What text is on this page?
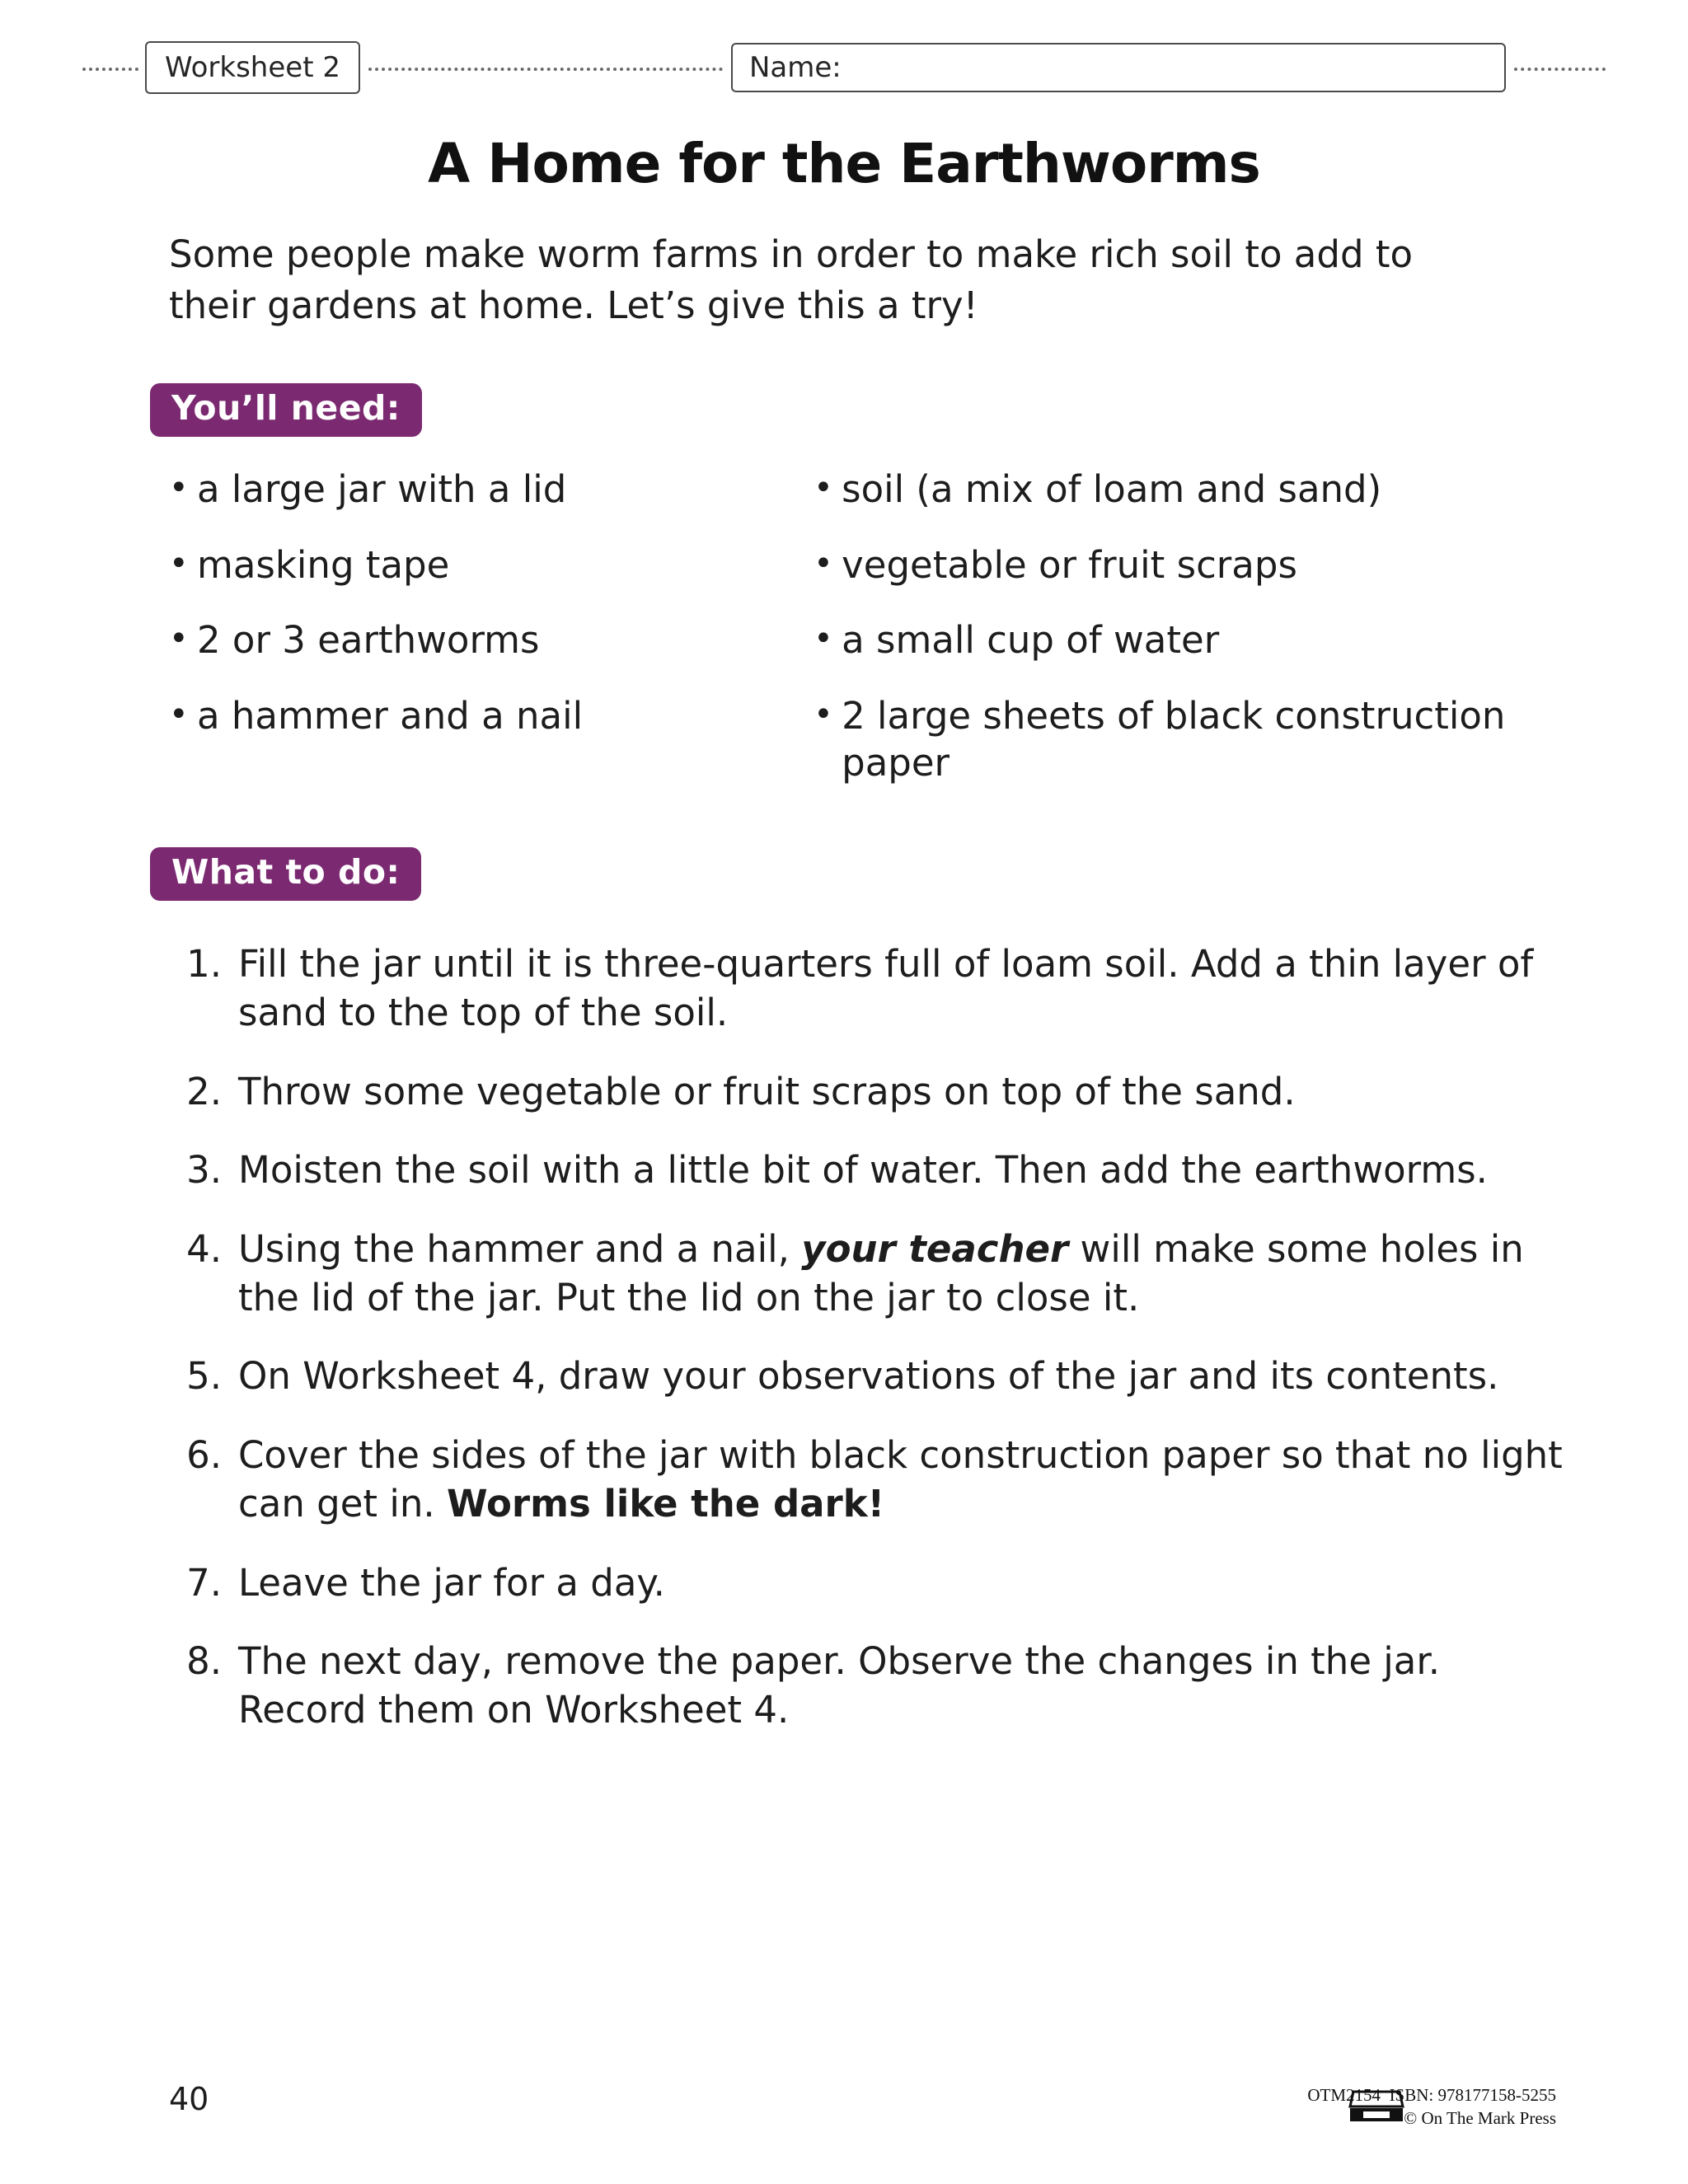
Worksheet 2	Name:
A Home for the Earthworms
Some people make worm farms in order to make rich soil to add to their gardens at home. Let’s give this a try!
You’ll need:
• a large jar with a lid
• masking tape
• 2 or 3 earthworms
• a hammer and a nail
• soil (a mix of loam and sand)
• vegetable or fruit scraps
• a small cup of water
• 2 large sheets of black construction paper
What to do:
1. Fill the jar until it is three-quarters full of loam soil. Add a thin layer of sand to the top of the soil.
2. Throw some vegetable or fruit scraps on top of the sand.
3. Moisten the soil with a little bit of water. Then add the earthworms.
4. Using the hammer and a nail, your teacher will make some holes in the lid of the jar. Put the lid on the jar to close it.
5. On Worksheet 4, draw your observations of the jar and its contents.
6. Cover the sides of the jar with black construction paper so that no light can get in. Worms like the dark!
7. Leave the jar for a day.
8. The next day, remove the paper. Observe the changes in the jar. Record them on Worksheet 4.
40	OTM2154 ISBN: 978177158-5255
© On The Mark Press
